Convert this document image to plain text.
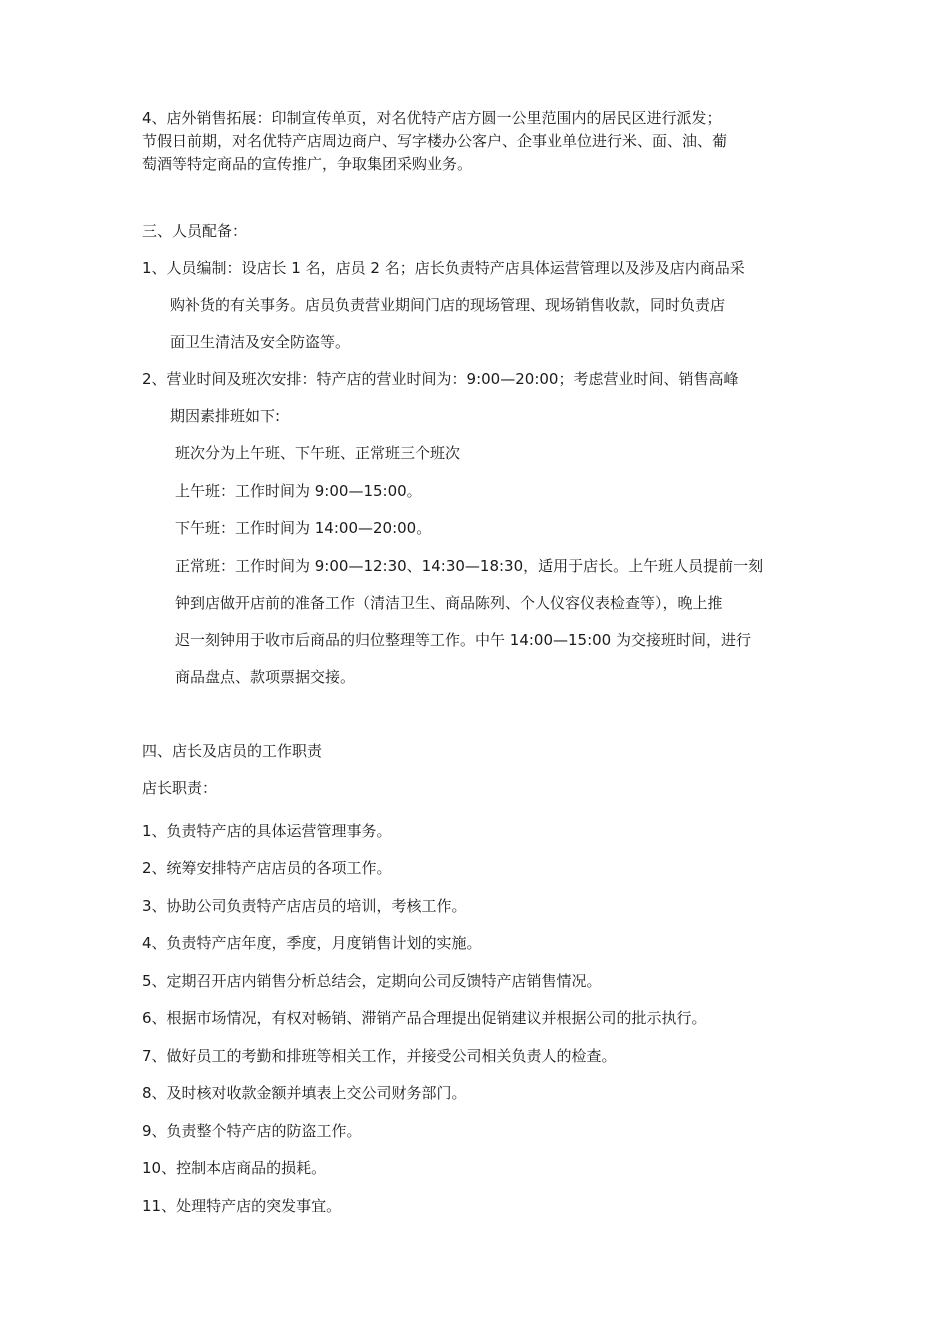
4、店外销售拓展：印制宣传单页，对名优特产店方圆一公里范围内的居民区进行派发；
节假日前期，对名优特产店周边商户、写字楼办公客户、企事业单位进行米、面、油、葡
萄酒等特定商品的宣传推广，争取集团采购业务。
三、人员配备：
1、人员编制：设店长 1 名，店员 2 名；店长负责特产店具体运营管理以及涉及店内商品采
购补货的有关事务。店员负责营业期间门店的现场管理、现场销售收款，同时负责店
面卫生清洁及安全防盗等。
2、营业时间及班次安排：特产店的营业时间为：9:00—20:00；考虑营业时间、销售高峰
期因素排班如下:
班次分为上午班、下午班、正常班三个班次
上午班：工作时间为 9:00—15:00。
下午班：工作时间为 14:00—20:00。
正常班：工作时间为 9:00—12:30、14:30—18:30，适用于店长。上午班人员提前一刻
钟到店做开店前的准备工作（清洁卫生、商品陈列、个人仪容仪表检查等），晚上推
迟一刻钟用于收市后商品的归位整理等工作。中午 14:00—15:00 为交接班时间，进行
商品盘点、款项票据交接。
四、店长及店员的工作职责
店长职责：
1、负责特产店的具体运营管理事务。
2、统筹安排特产店店员的各项工作。
3、协助公司负责特产店店员的培训，考核工作。
4、负责特产店年度，季度，月度销售计划的实施。
5、定期召开店内销售分析总结会，定期向公司反馈特产店销售情况。
6、根据市场情况，有权对畅销、滞销产品合理提出促销建议并根据公司的批示执行。
7、做好员工的考勤和排班等相关工作，并接受公司相关负责人的检查。
8、及时核对收款金额并填表上交公司财务部门。
9、负责整个特产店的防盗工作。
10、控制本店商品的损耗。
11、处理特产店的突发事宜。
